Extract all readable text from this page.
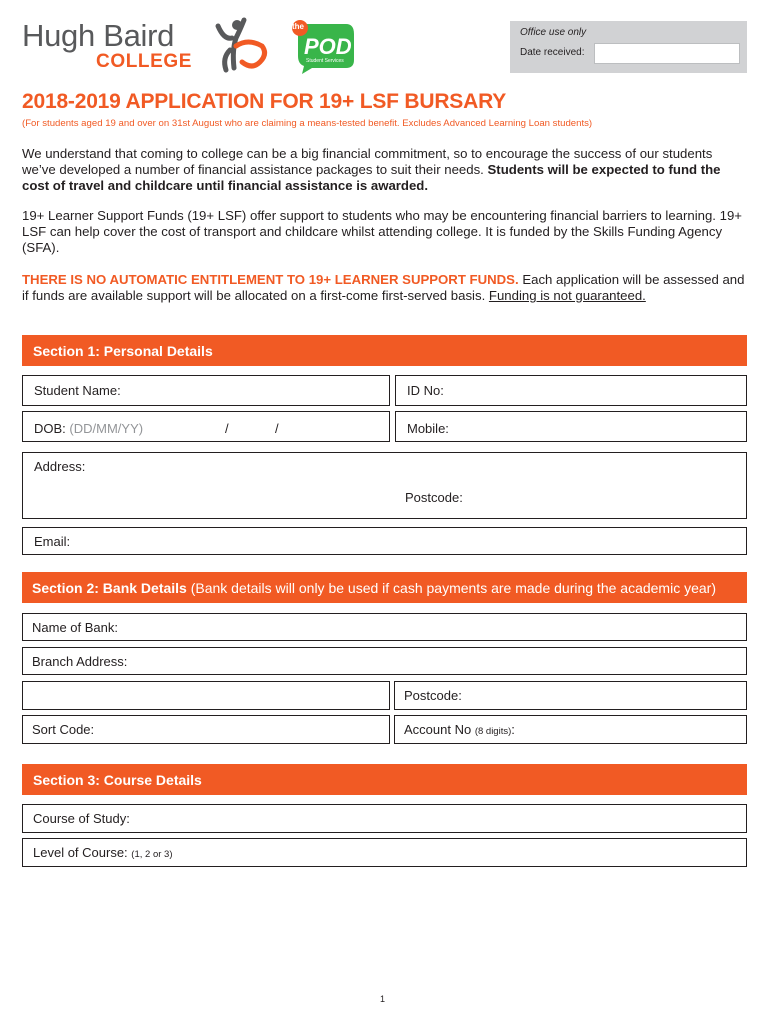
Hugh Baird
COLLEGE
the
POD
Student Services
Office use only
Date received:
2018-2019 APPLICATION FOR 19+ LSF BURSARY
(For students aged 19 and over on 31st August who are claiming a means-tested benefit. Excludes Advanced Learning Loan students)
We understand that coming to college can be a big financial commitment, so to encourage the success of our students we’ve developed a number of financial assistance packages to suit their needs. Students will be expected to fund the cost of travel and childcare until financial assistance is awarded.
19+ Learner Support Funds (19+ LSF) offer support to students who may be encountering financial barriers to learning. 19+ LSF can help cover the cost of transport and childcare whilst attending college. It is funded by the Skills Funding Agency (SFA).
THERE IS NO AUTOMATIC ENTITLEMENT TO 19+ LEARNER SUPPORT FUNDS. Each application will be assessed and if funds are available support will be allocated on a first-come first-served basis. Funding is not guaranteed.
Section 1: Personal Details
Student Name:	ID No:
DOB: (DD/MM/YY)	/	/	Mobile:
Address:
Postcode:
Email:
Section 2: Bank Details (Bank details will only be used if cash payments are made during the academic year)
Name of Bank:
Branch Address:
Postcode:
Sort Code:	Account No (8 digits):
Section 3: Course Details
Course of Study:
Level of Course: (1, 2 or 3)
1
